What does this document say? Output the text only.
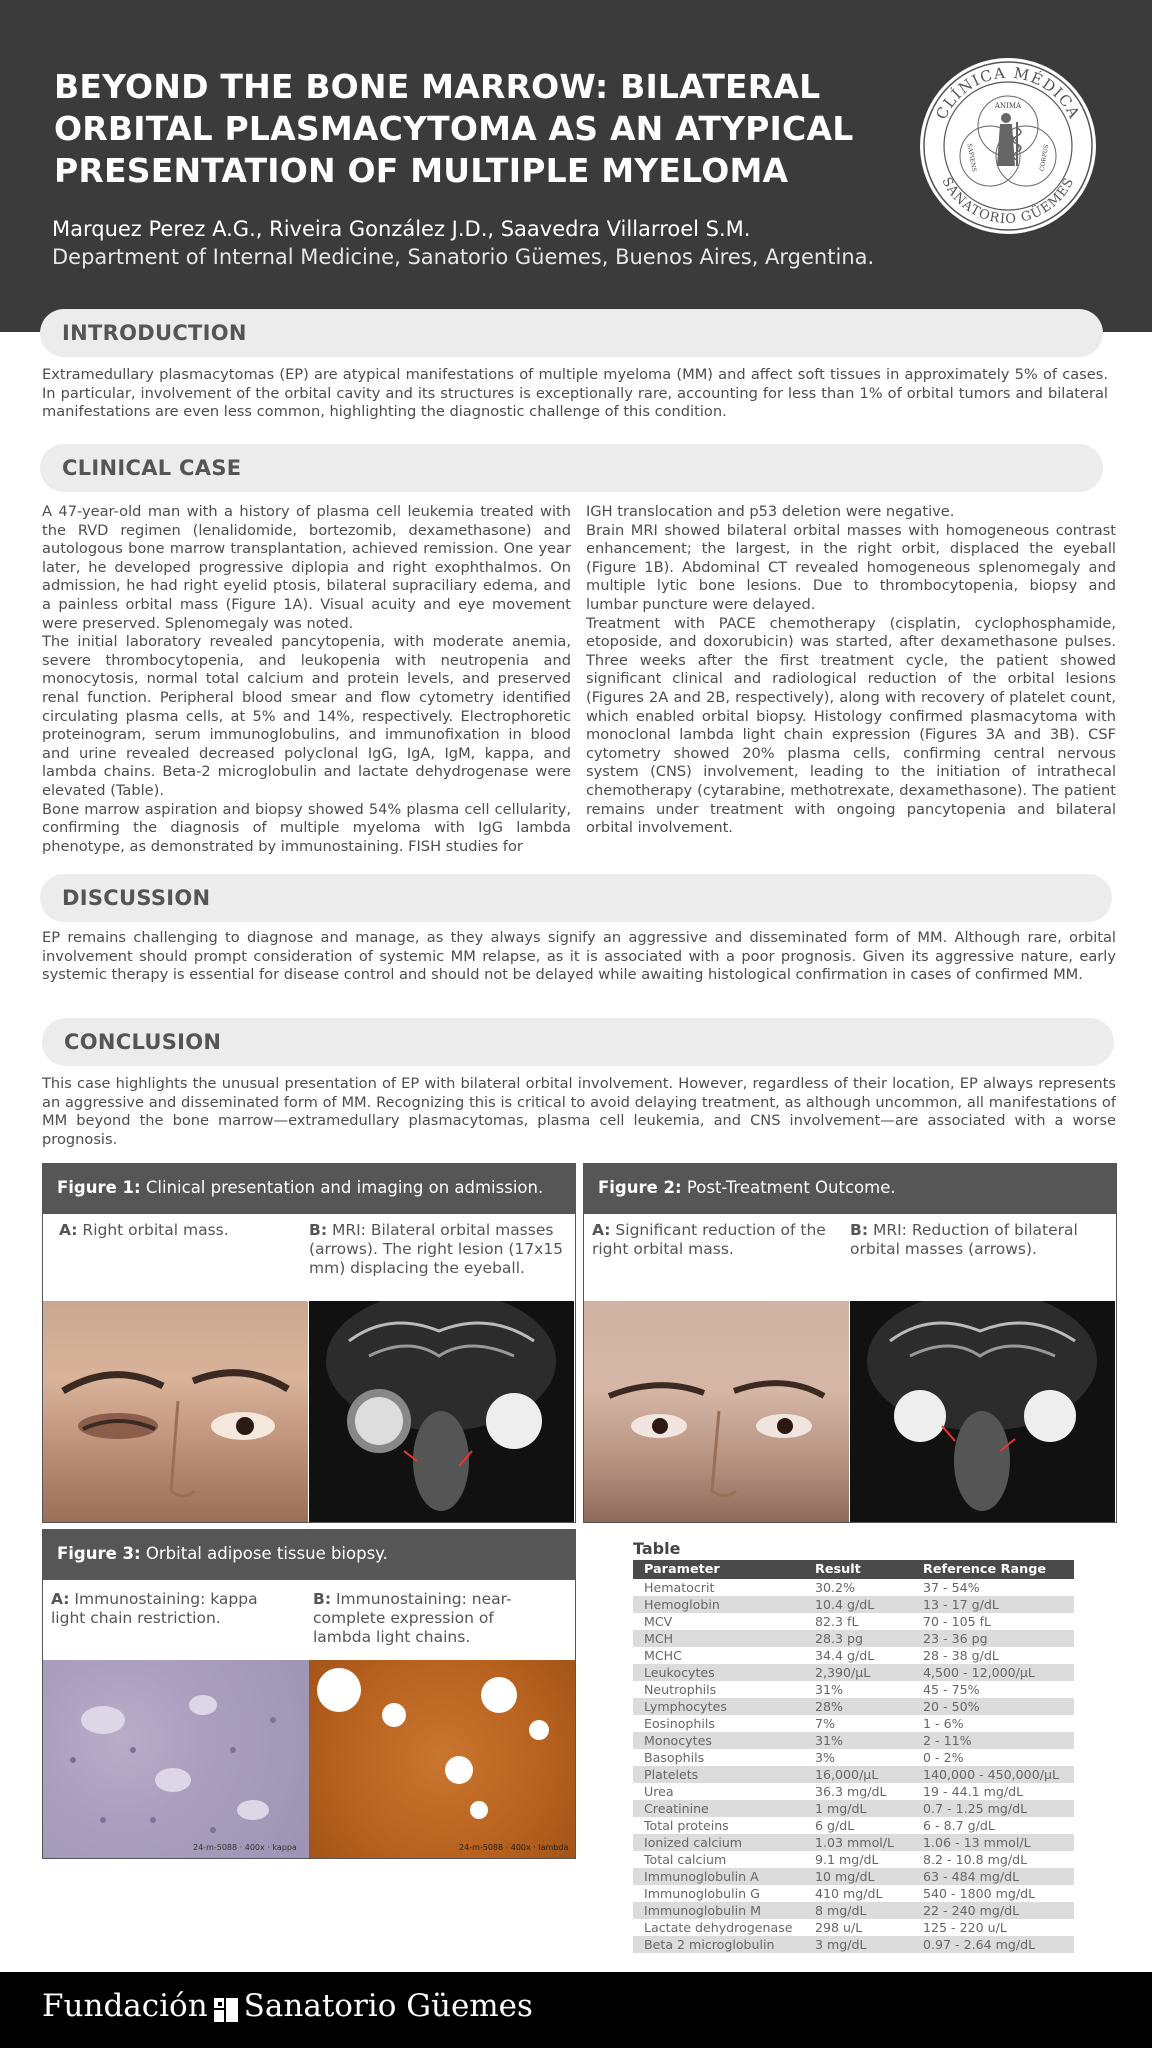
BEYOND THE BONE MARROW: BILATERAL
ORBITAL PLASMACYTOMA AS AN ATYPICAL
PRESENTATION OF MULTIPLE MYELOMA
Marquez Perez A.G., Riveira González J.D., Saavedra Villarroel S.M.
Department of Internal Medicine, Sanatorio Güemes, Buenos Aires, Argentina.
CLÍNICA MÉDICA
SANATORIO GÜEMES
ANIMA
SAPIENS	CORPUS
INTRODUCTION
Extramedullary plasmacytomas (EP) are atypical manifestations of multiple myeloma (MM) and affect soft tissues in approximately 5% of cases. In particular, involvement of the orbital cavity and its structures is exceptionally rare, accounting for less than 1% of orbital tumors and bilateral manifestations are even less common, highlighting the diagnostic challenge of this condition.
CLINICAL CASE

A 47-year-old man with a history of plasma cell leukemia treated with the RVD regimen (lenalidomide, bortezomib, dexamethasone) and autologous bone marrow transplantation, achieved remission. One year later, he developed progressive diplopia and right exophthalmos. On admission, he had right eyelid ptosis, bilateral supraciliary edema, and a painless orbital mass (Figure 1A). Visual acuity and eye movement were preserved. Splenomegaly was noted.

The initial laboratory revealed pancytopenia, with moderate anemia, severe thrombocytopenia, and leukopenia with neutropenia and monocytosis, normal total calcium and protein levels, and preserved renal function. Peripheral blood smear and flow cytometry identified circulating plasma cells, at 5% and 14%, respectively. Electrophoretic proteinogram, serum immunoglobulins, and immunofixation in blood and urine revealed decreased polyclonal IgG, IgA, IgM, kappa, and lambda chains. Beta-2 microglobulin and lactate dehydrogenase were elevated (Table).

Bone marrow aspiration and biopsy showed 54% plasma cell cellularity, confirming the diagnosis of multiple myeloma with IgG lambda phenotype, as demonstrated by immunostaining. FISH studies for

IGH translocation and p53 deletion were negative.

Brain MRI showed bilateral orbital masses with homogeneous contrast enhancement; the largest, in the right orbit, displaced the eyeball (Figure 1B). Abdominal CT revealed homogeneous splenomegaly and multiple lytic bone lesions. Due to thrombocytopenia, biopsy and lumbar puncture were delayed.

Treatment with PACE chemotherapy (cisplatin, cyclophosphamide, etoposide, and doxorubicin) was started, after dexamethasone pulses. Three weeks after the first treatment cycle, the patient showed significant clinical and radiological reduction of the orbital lesions (Figures 2A and 2B, respectively), along with recovery of platelet count, which enabled orbital biopsy. Histology confirmed plasmacytoma with monoclonal lambda light chain expression (Figures 3A and 3B). CSF cytometry showed 20% plasma cells, confirming central nervous system (CNS) involvement, leading to the initiation of intrathecal chemotherapy (cytarabine, methotrexate, dexamethasone). The patient remains under treatment with ongoing pancytopenia and bilateral orbital involvement.

DISCUSSION
EP remains challenging to diagnose and manage, as they always signify an aggressive and disseminated form of MM. Although rare, orbital involvement should prompt consideration of systemic MM relapse, as it is associated with a poor prognosis. Given its aggressive nature, early systemic therapy is essential for disease control and should not be delayed while awaiting histological confirmation in cases of confirmed MM.
CONCLUSION
This case highlights the unusual presentation of EP with bilateral orbital involvement. However, regardless of their location, EP always represents an aggressive and disseminated form of MM. Recognizing this is critical to avoid delaying treatment, as although uncommon, all manifestations of MM beyond the bone marrow—extramedullary plasmacytomas, plasma cell leukemia, and CNS involvement—are associated with a worse prognosis.
Figure 1: Clinical presentation and imaging on admission.
A: Right orbital mass.	B: MRI: Bilateral orbital masses (arrows). The right lesion (17x15 mm) displacing the eyeball.
Figure 2: Post-Treatment Outcome.
A: Significant reduction of the right orbital mass.
B: MRI: Reduction of bilateral orbital masses (arrows).
Figure 3: Orbital adipose tissue biopsy.
A: Immunostaining: kappa light chain restriction.
B: Immunostaining: near-complete expression of lambda light chains.
24-m-5088 · 400x · kappa	24-m-5088 · 400x · lambda
Table
Parameter	Result	Reference Range
Hematocrit	30.2%	37 - 54%
Hemoglobin	10.4 g/dL	13 - 17 g/dL
MCV	82.3 fL	70 - 105 fL
MCH	28.3 pg	23 - 36 pg
MCHC	34.4 g/dL	28 - 38 g/dL
Leukocytes	2,390/µL	4,500 - 12,000/µL
Neutrophils	31%	45 - 75%
Lymphocytes	28%	20 - 50%
Eosinophils	7%	1 - 6%
Monocytes	31%	2 - 11%
Basophils	3%	0 - 2%
Platelets	16,000/µL	140,000 - 450,000/µL
Urea	36.3 mg/dL	19 - 44.1 mg/dL
Creatinine	1 mg/dL	0.7 - 1.25 mg/dL
Total proteins	6 g/dL	6 - 8.7 g/dL
Ionized calcium	1.03 mmol/L	1.06 - 13 mmol/L
Total calcium	9.1 mg/dL	8.2 - 10.8 mg/dL
Immunoglobulin A	10 mg/dL	63 - 484 mg/dL
Immunoglobulin G	410 mg/dL	540 - 1800 mg/dL
Immunoglobulin M	8 mg/dL	22 - 240 mg/dL
Lactate dehydrogenase	298 u/L	125 - 220 u/L
Beta 2 microglobulin	3 mg/dL	0.97 - 2.64 mg/dL
Fundación Sanatorio Güemes
